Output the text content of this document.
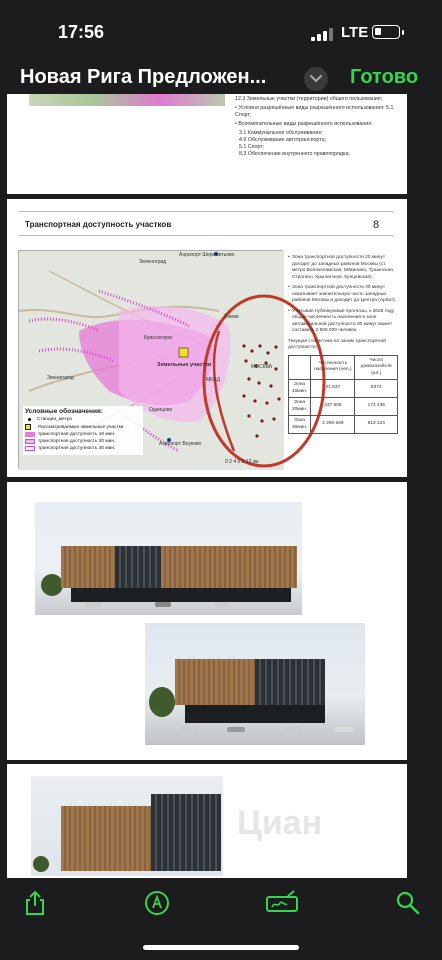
17:56	LTE
Новая Рига Предложен...	Готово
12.3 Земельные участки (территории) общего пользования;
• Условно разрешённые виды разрешённого использования: 5.1 Спорт;
• Вспомогательные виды разрешённого использования:
3.1 Коммунальное обслуживание;
4.9 Обслуживание автотранспорта;
5.1 Спорт;
8.3 Обеспечение внутреннего правопорядка;
Транспортная доступность участков	8
Зеленоград
Аэропорт Шереметьево
Химки
Красногорск
Земельные участки
Звенигород
Одинцово
Аэропорт Внуково
МОСКВА
МКАД
0 2 4 6 8 12 км
Условные обозначения:
Станции_метро
Рассматриваемые земельные участки
транспортная доступность 10 мин.
транспортная доступность 20 мин.
транспортная доступность 30 мин.
• Зона транспортной доступности 20 минут доходит до западных районов Москвы (ст. метро Волоколамская, Мякинино, Тушинская, Строгино, Крылатское, Кунцевская).
• Зона транспортной доступности 30 минут охватывает значительную часть западных районов Москвы и доходит до Центра (Арбат).
• Учитывая публикуемые прогнозы, к 2025 году общая численность населения в зоне автомобильной доступности 30 минут может составить 2 500 000 человек.
Текущая статистика по зонам транспортной доступности:
	Численность населения (чел.)	Число домохозяйств (шт.)
Зона 10мин.	21 637	8374
Зона 20мин.	437 808	173 436
Зона 30мин.	2 290 566	913 124
Циан
